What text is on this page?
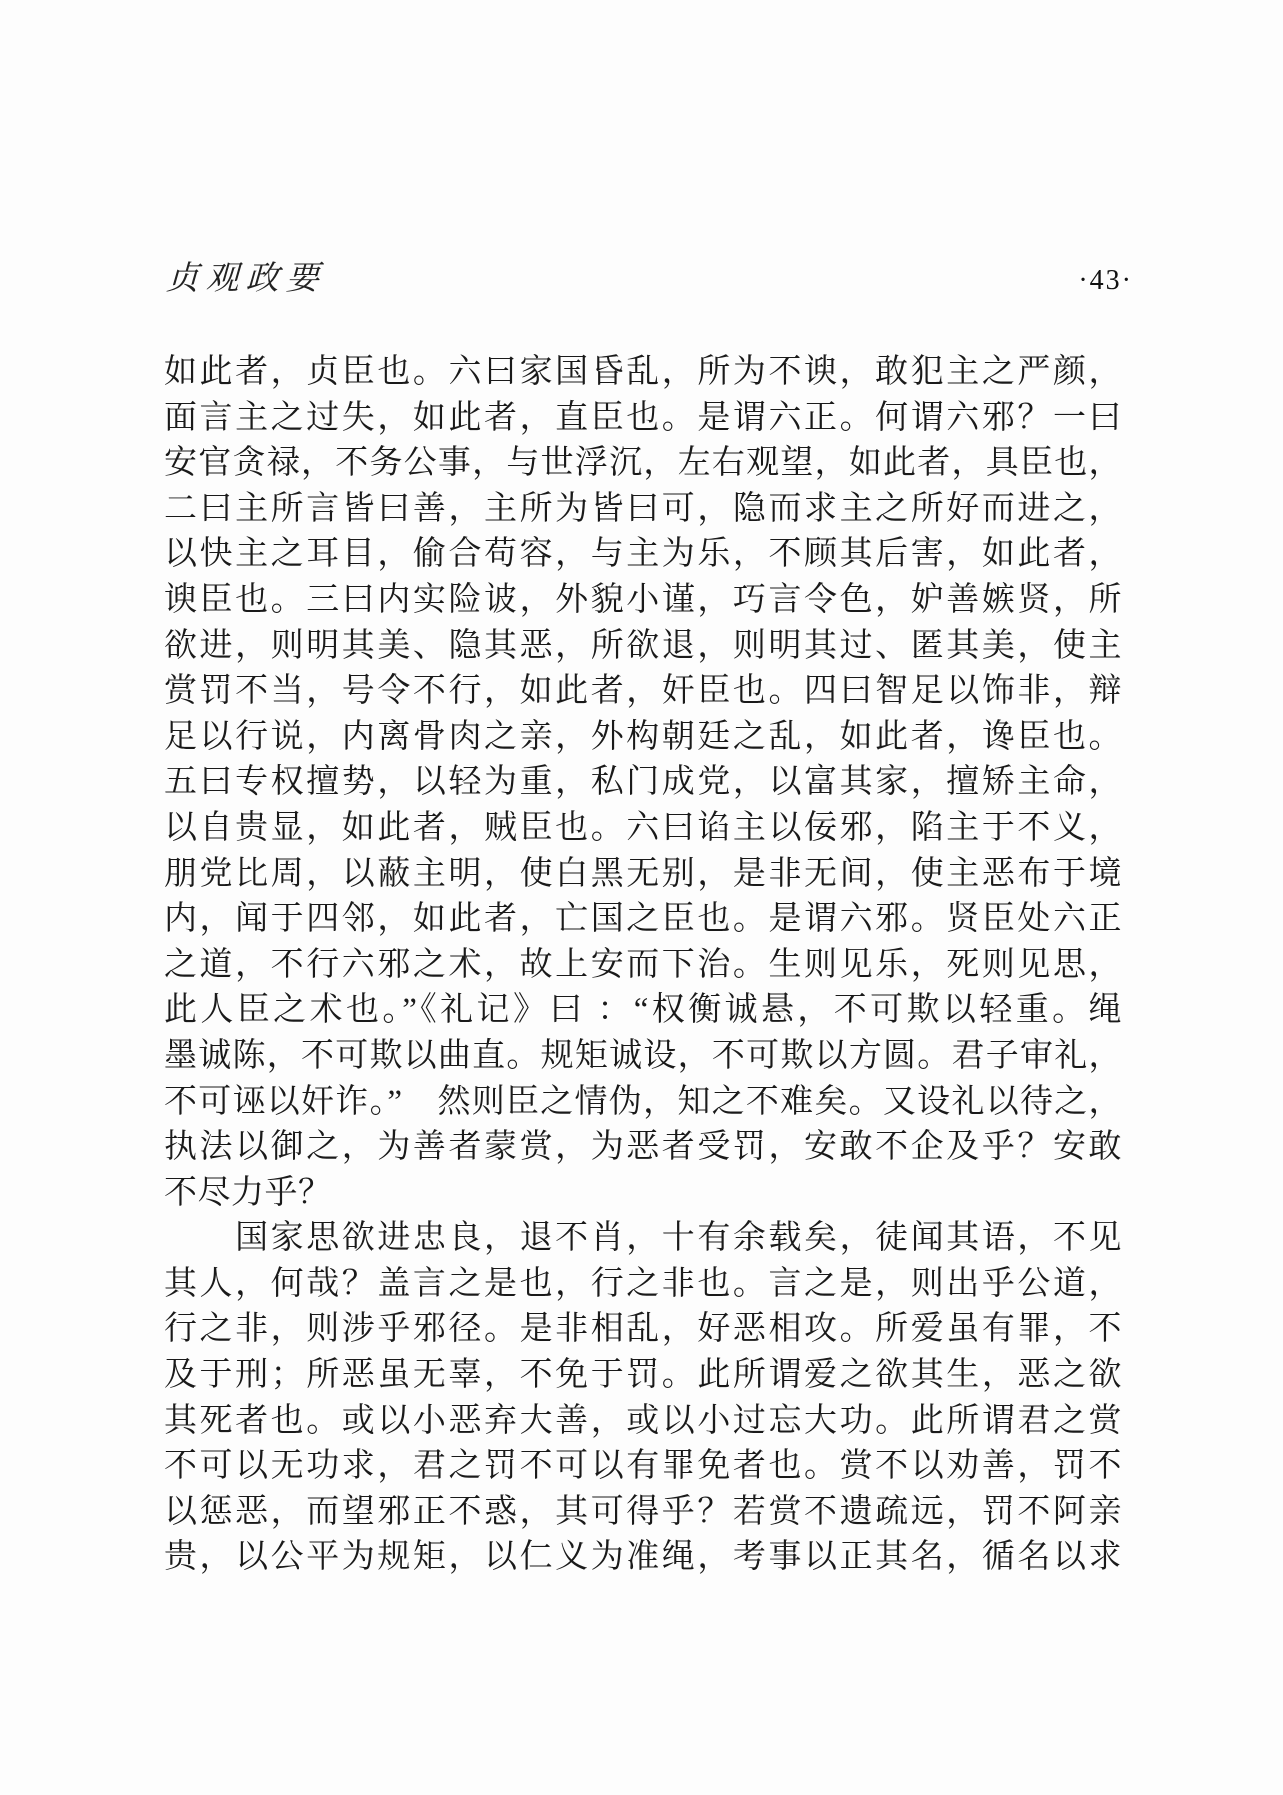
贞观政要	·43·
如此者，贞臣也。六曰家国昏乱，所为不谀，敢犯主之严颜，
面言主之过失，如此者，直臣也。是谓六正。何谓六邪？一曰
安官贪禄，不务公事，与世浮沉，左右观望，如此者，具臣也，
二曰主所言皆曰善，主所为皆曰可，隐而求主之所好而进之，
以快主之耳目，偷合苟容，与主为乐，不顾其后害，如此者，
谀臣也。三曰内实险诐，外貌小谨，巧言令色，妒善嫉贤，所
欲进，则明其美、隐其恶，所欲退，则明其过、匿其美，使主
赏罚不当，号令不行，如此者，奸臣也。四曰智足以饰非，辩
足以行说，内离骨肉之亲，外构朝廷之乱，如此者，谗臣也。
五曰专权擅势，以轻为重，私门成党，以富其家，擅矫主命，
以自贵显，如此者，贼臣也。六曰谄主以佞邪，陷主于不义，
朋党比周，以蔽主明，使白黑无别，是非无间，使主恶布于境
内，闻于四邻，如此者，亡国之臣也。是谓六邪。贤臣处六正
之道，不行六邪之术，故上安而下治。生则见乐，死则见思，
此人臣之术也。”《礼记》曰 ：“权衡诚悬，不可欺以轻重。绳
墨诚陈，不可欺以曲直。规矩诚设，不可欺以方圆。君子审礼，
不可诬以奸诈。”　然则臣之情伪，知之不难矣。又设礼以待之，
执法以御之，为善者蒙赏，为恶者受罚，安敢不企及乎？安敢
不尽力乎？
　　国家思欲进忠良，退不肖，十有余载矣，徒闻其语，不见
其人，何哉？盖言之是也，行之非也。言之是，则出乎公道，
行之非，则涉乎邪径。是非相乱，好恶相攻。所爱虽有罪，不
及于刑；所恶虽无辜，不免于罚。此所谓爱之欲其生，恶之欲
其死者也。或以小恶弃大善，或以小过忘大功。此所谓君之赏
不可以无功求，君之罚不可以有罪免者也。赏不以劝善，罚不
以惩恶，而望邪正不惑，其可得乎？若赏不遗疏远，罚不阿亲
贵，以公平为规矩，以仁义为准绳，考事以正其名，循名以求
